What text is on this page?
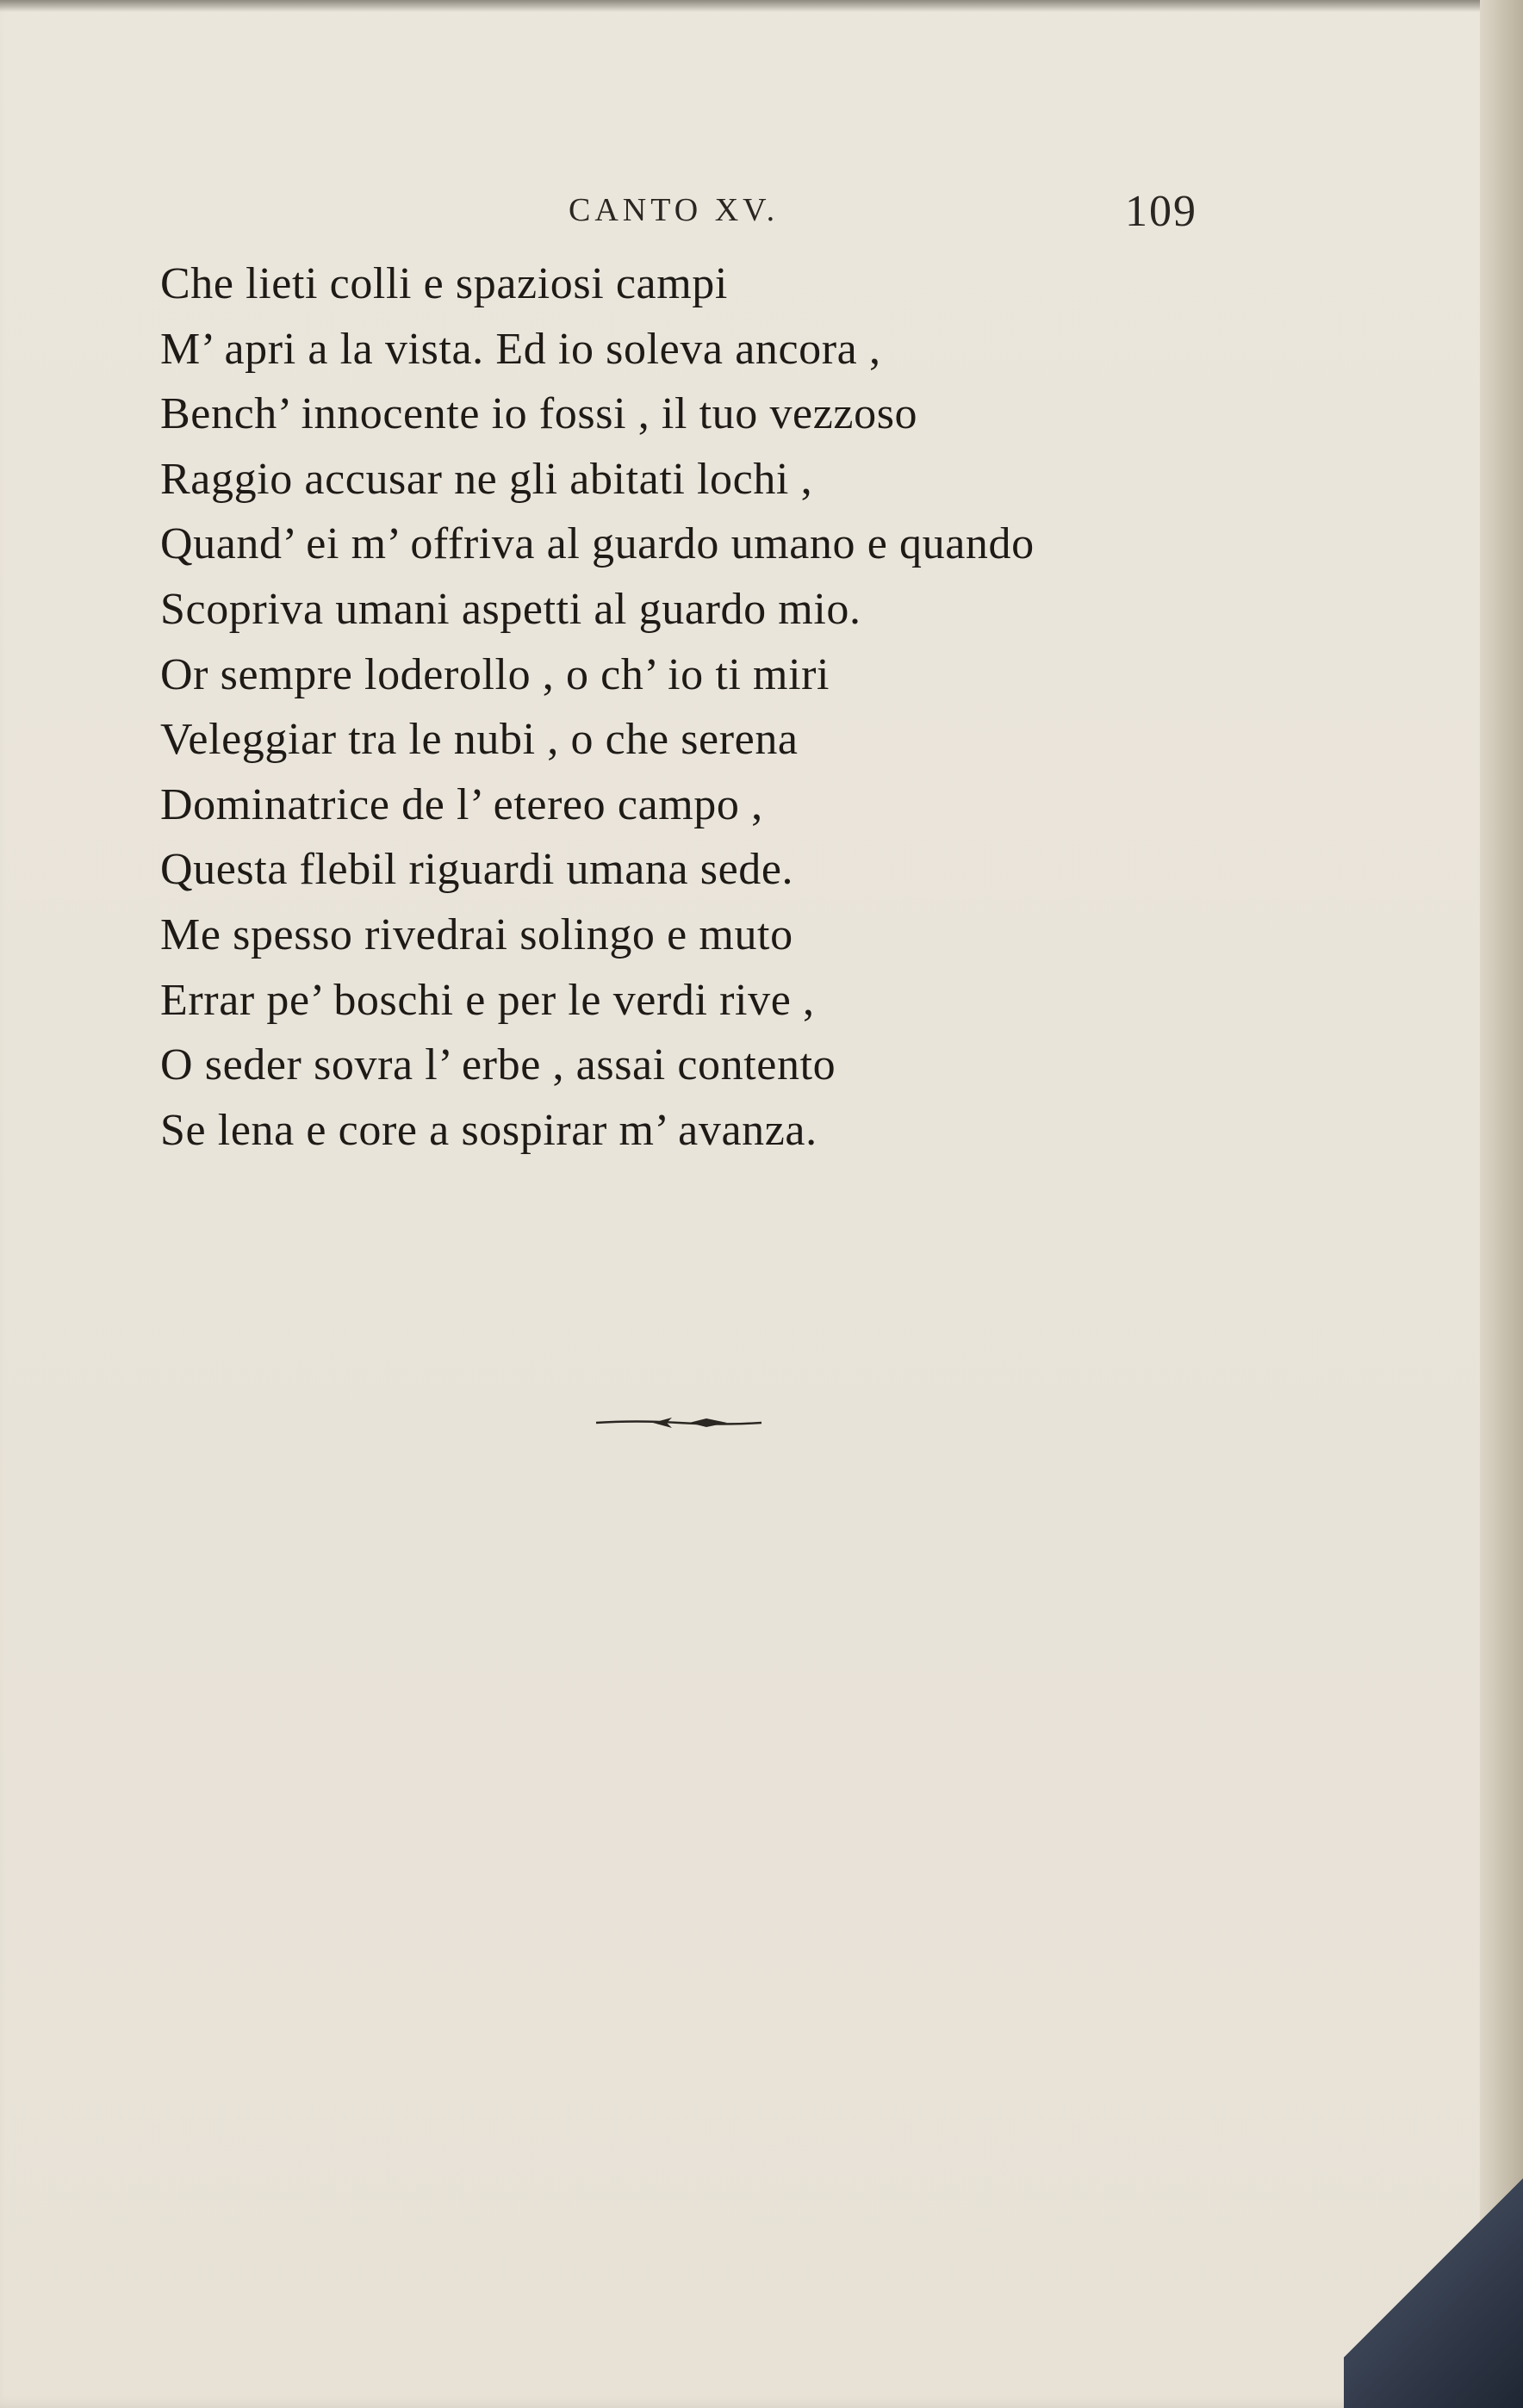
CANTO XV.	109
Che lieti colli e spaziosi campi
M’ apri a la vista. Ed io soleva ancora ,
Bench’ innocente io fossi , il tuo vezzoso
Raggio accusar ne gli abitati lochi ,
Quand’ ei m’ offriva al guardo umano e quando
Scopriva umani aspetti al guardo mio.
Or sempre loderollo , o ch’ io ti miri
Veleggiar tra le nubi , o che serena
Dominatrice de l’ etereo campo ,
Questa flebil riguardi umana sede.
Me spesso rivedrai solingo e muto
Errar pe’ boschi e per le verdi rive ,
O seder sovra l’ erbe , assai contento
Se lena e core a sospirar m’ avanza.
